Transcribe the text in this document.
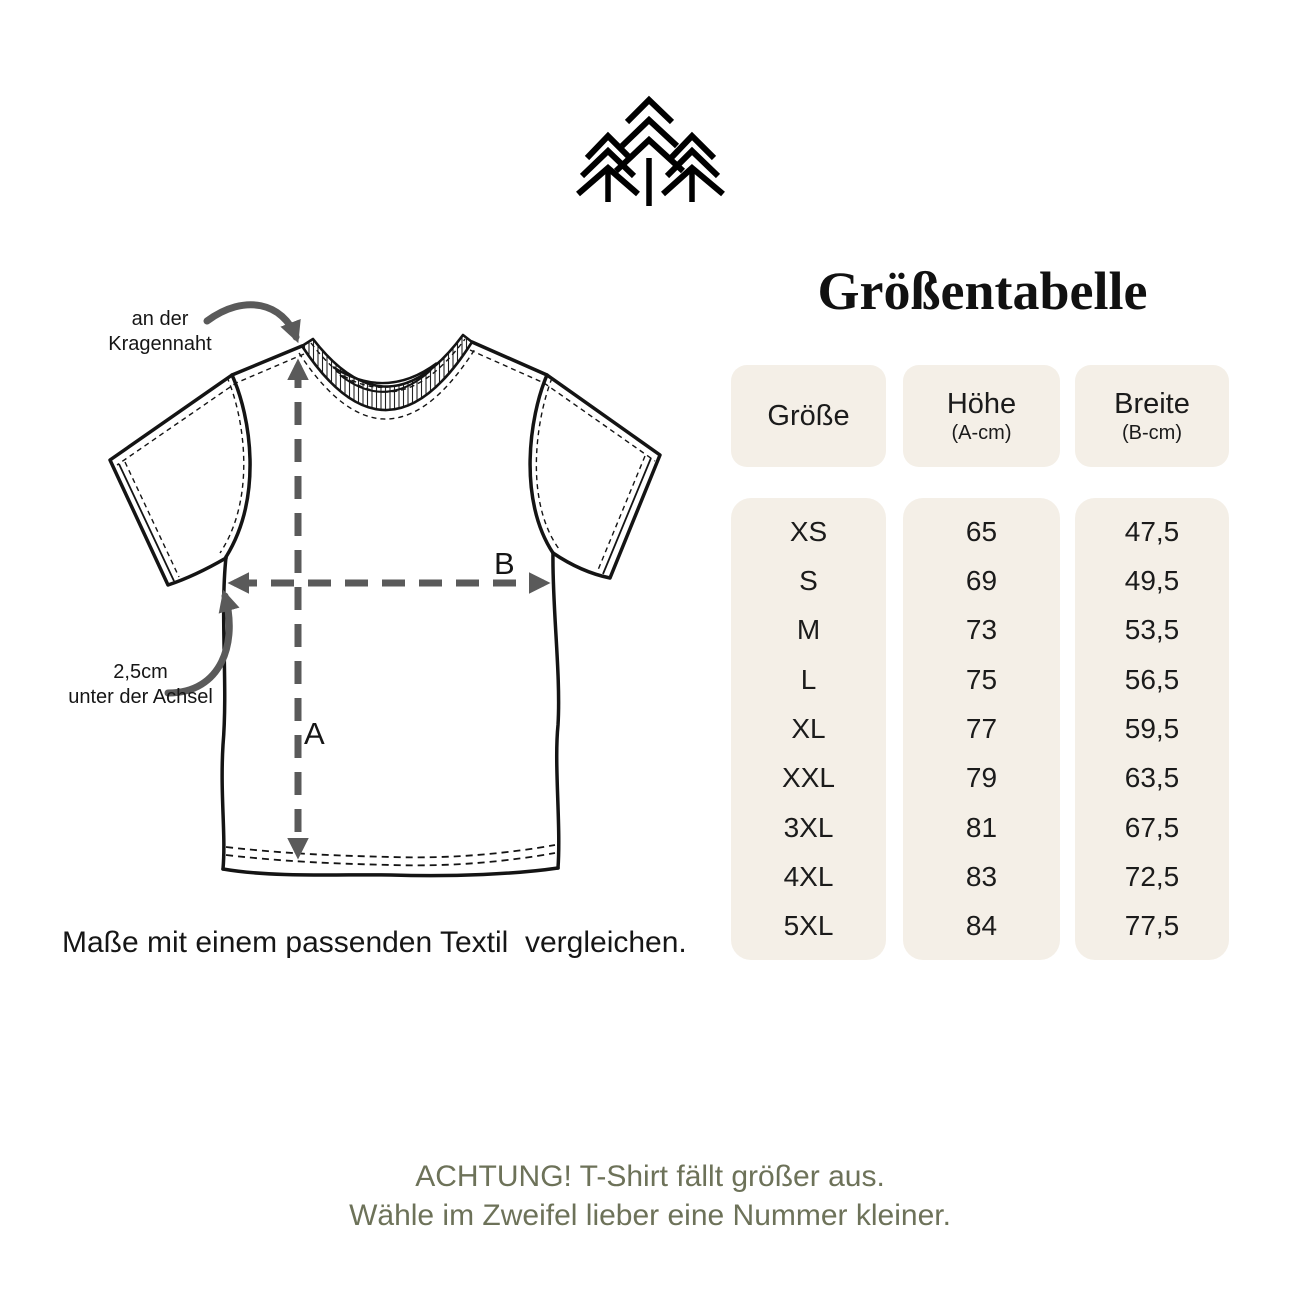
Größentabelle
an der
Kragennaht
2,5cm
unter der Achsel
A
B
Größe	Höhe
(A-cm)
Breite
(B-cm)
XS
S
M
L
XL
XXL
3XL
4XL
5XL
65
69
73
75
77
79
81
83
84
47,5
49,5
53,5
56,5
59,5
63,5
67,5
72,5
77,5
Maße mit einem passenden Textil  vergleichen.
ACHTUNG! T-Shirt fällt größer aus.
Wähle im Zweifel lieber eine Nummer kleiner.
